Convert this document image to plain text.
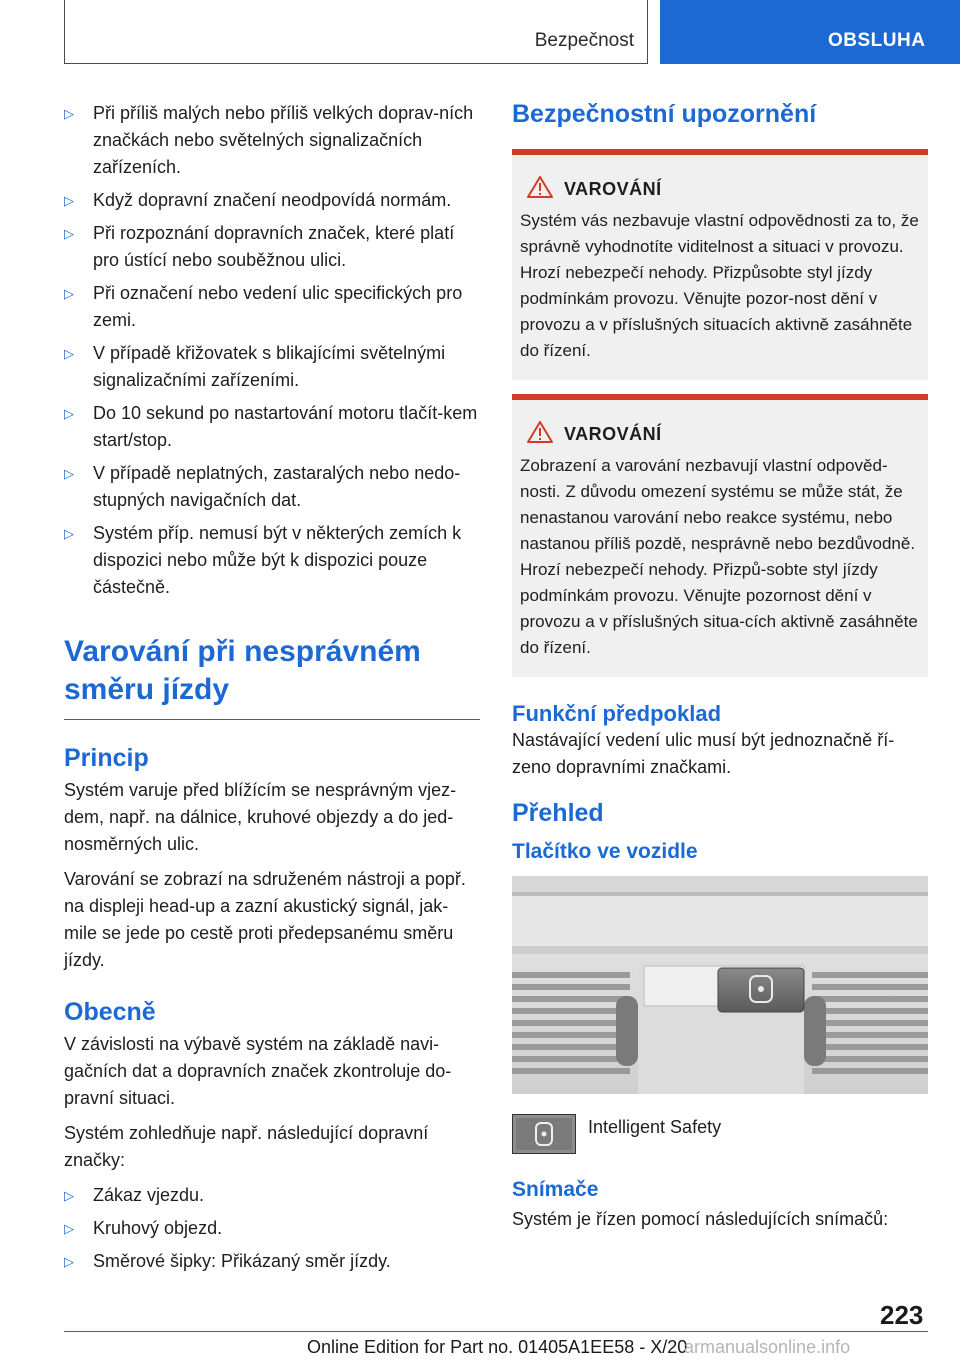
Bezpečnost	OBSLUHA
▷ Při příliš malých nebo příliš velkých doprav-ních značkách nebo světelných signalizačních zařízeních.
▷ Když dopravní značení neodpovídá normám.
▷ Při rozpoznání dopravních značek, které platí pro ústící nebo souběžnou ulici.
▷ Při označení nebo vedení ulic specifických pro zemi.
▷ V případě křižovatek s blikajícími světelnými signalizačními zařízeními.
▷ Do 10 sekund po nastartování motoru tlačít-kem start/stop.
▷ V případě neplatných, zastaralých nebo nedo-stupných navigačních dat.
▷ Systém příp. nemusí být v některých zemích k dispozici nebo může být k dispozici pouze částečně.
Varování při nesprávném směru jízdy
Princip

Systém varuje před blížícím se nesprávným vjez-dem, např. na dálnice, kruhové objezdy a do jed-nosměrných ulic.

Varování se zobrazí na sdruženém nástroji a popř. na displeji head-up a zazní akustický signál, jak-mile se jede po cestě proti předepsanému směru jízdy.

Obecně

V závislosti na výbavě systém na základě navi-gačních dat a dopravních značek zkontroluje do-pravní situaci.

Systém zohledňuje např. následující dopravní značky:

▷ Zákaz vjezdu.
▷ Kruhový objezd.
▷ Směrové šipky: Přikázaný směr jízdy.
Bezpečnostní upozornění
VAROVÁNÍ
Systém vás nezbavuje vlastní odpovědnosti za to, že správně vyhodnotíte viditelnost a situaci v provozu. Hrozí nebezpečí nehody. Přizpůsobte styl jízdy podmínkám provozu. Věnujte pozor-nost dění v provozu a v příslušných situacích aktivně zasáhněte do řízení.
VAROVÁNÍ
Zobrazení a varování nezbavují vlastní odpověd-nosti. Z důvodu omezení systému se může stát, že nenastanou varování nebo reakce systému, nebo nastanou příliš pozdě, nesprávně nebo bezdůvodně. Hrozí nebezpečí nehody. Přizpů-sobte styl jízdy podmínkám provozu. Věnujte pozornost dění v provozu a v příslušných situa-cích aktivně zasáhněte do řízení.
Funkční předpoklad

Nastávající vedení ulic musí být jednoznačně ří-zeno dopravními značkami.

Přehled
Tlačítko ve vozidle
Intelligent Safety
Snímače

Systém je řízen pomocí následujících snímačů:

223
Online Edition for Part no. 01405A1EE58 - X/20
armanualsonline.info
